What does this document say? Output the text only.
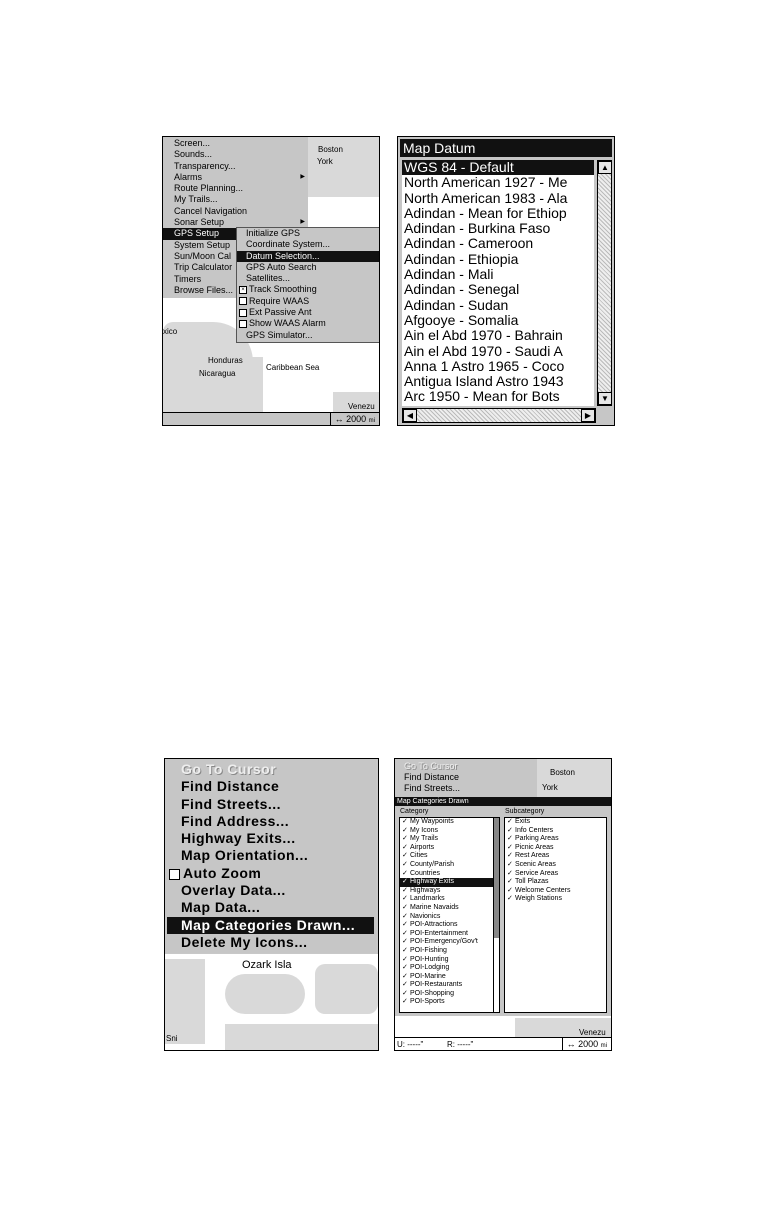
Boston
York
xico
Honduras
Nicaragua
Caribbean Sea
Venezu
Screen...
Sounds...
Transparency...
Alarms	▶
Route Planning...
My Trails...
Cancel Navigation
Sonar Setup	▶
GPS Setup
System Setup
Sun/Moon Cal
Trip Calculator
Timers
Browse Files...
Initialize GPS
Coordinate System...
Datum Selection...
GPS Auto Search
Satellites...
× Track Smoothing
Require WAAS
Ext Passive Ant
Show WAAS Alarm
GPS Simulator...
↔ 2000 mi
Map Datum
WGS 84 - Default
North American 1927 - Me
North American 1983 - Ala
Adindan - Mean for Ethiop
Adindan - Burkina Faso
Adindan - Cameroon
Adindan - Ethiopia
Adindan - Mali
Adindan - Senegal
Adindan - Sudan
Afgooye - Somalia
Ain el Abd 1970 - Bahrain
Ain el Abd 1970 - Saudi A
Anna 1 Astro 1965 - Coco
Antigua Island Astro 1943
Arc 1950 - Mean for Bots
▲
▼
◀	▶
Ozark Isla
Sni
Go To Cursor
Find Distance
Find Streets...
Find Address...
Highway Exits...
Map Orientation...
Auto Zoom
Overlay Data...
Map Data...
Map Categories Drawn...
Delete My Icons...
Boston
York
Go To Cursor
Find Distance
Find Streets...
Map Categories Drawn
Category	Subcategory
✓ My Waypoints
✓ My Icons
✓ My Trails
✓ Airports
✓ Cities
✓ County/Parish
✓ Countries
✓ Highway Exits
✓ Highways
✓ Landmarks
✓ Marine Navaids
✓ Navionics
✓ POI-Attractions
✓ POI-Entertainment
✓ POI-Emergency/Gov't
✓ POI-Fishing
✓ POI-Hunting
✓ POI-Lodging
✓ POI-Marine
✓ POI-Restaurants
✓ POI-Shopping
✓ POI-Sports
✓ Exits
✓ Info Centers
✓ Parking Areas
✓ Picnic Areas
✓ Rest Areas
✓ Scenic Areas
✓ Service Areas
✓ Toll Plazas
✓ Welcome Centers
✓ Weigh Stations
Venezu
U: -----"	R: -----"	↔ 2000 mi
